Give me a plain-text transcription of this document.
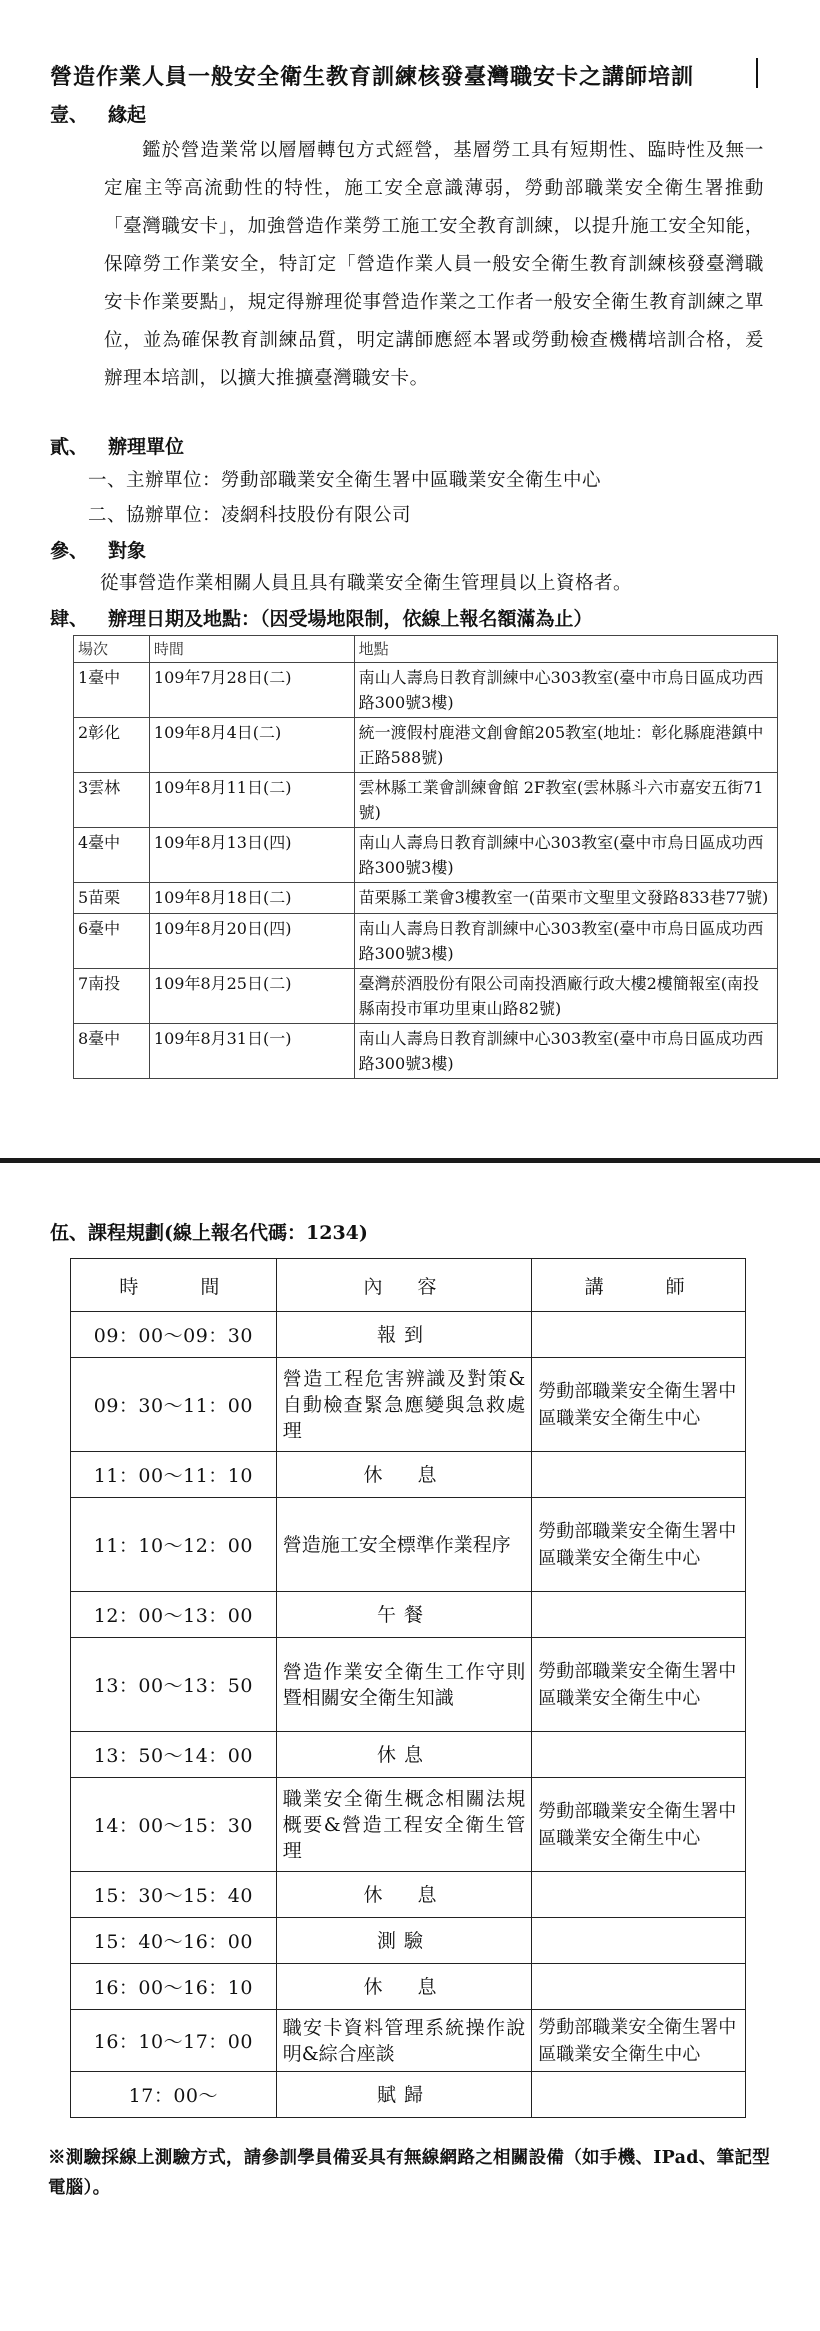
營造作業人員一般安全衛生教育訓練核發臺灣職安卡之講師培訓
壹、 緣起
鑑於營造業常以層層轉包方式經營，基層勞工具有短期性、臨時性及無一定雇主等高流動性的特性，施工安全意識薄弱，勞動部職業安全衛生署推動「臺灣職安卡」，加強營造作業勞工施工安全教育訓練，以提升施工安全知能，保障勞工作業安全，特訂定「營造作業人員一般安全衛生教育訓練核發臺灣職安卡作業要點」，規定得辦理從事營造作業之工作者一般安全衛生教育訓練之單位，並為確保教育訓練品質，明定講師應經本署或勞動檢查機構培訓合格，爰辦理本培訓，以擴大推擴臺灣職安卡。
貳、 辦理單位
一、主辦單位：勞動部職業安全衛生署中區職業安全衛生中心
二、協辦單位：凌網科技股份有限公司
參、 對象
從事營造作業相關人員且具有職業安全衛生管理員以上資格者。
肆、 辦理日期及地點：（因受場地限制，依線上報名額滿為止）
場次	時間	地點
1臺中	109年7月28日(二)	南山人壽烏日教育訓練中心303教室(臺中市烏日區成功西路300號3樓)
2彰化	109年8月4日(二)	統一渡假村鹿港文創會館205教室(地址：彰化縣鹿港鎮中正路588號)
3雲林	109年8月11日(二)	雲林縣工業會訓練會館 2F教室(雲林縣斗六市嘉安五街71號)
4臺中	109年8月13日(四)	南山人壽烏日教育訓練中心303教室(臺中市烏日區成功西路300號3樓)
5苗栗	109年8月18日(二)	苗栗縣工業會3樓教室一(苗栗市文聖里文發路833巷77號)
6臺中	109年8月20日(四)	南山人壽烏日教育訓練中心303教室(臺中市烏日區成功西路300號3樓)
7南投	109年8月25日(二)	臺灣菸酒股份有限公司南投酒廠行政大樓2樓簡報室(南投縣南投市軍功里東山路82號)
8臺中	109年8月31日(一)	南山人壽烏日教育訓練中心303教室(臺中市烏日區成功西路300號3樓)
伍、課程規劃(線上報名代碼：1234)
時　　間	內　容	講　　師
09：00～09：30	報到	
09：30～11：00	營造工程危害辨識及對策&自動檢查緊急應變與急救處理	勞動部職業安全衛生署中區職業安全衛生中心
11：00～11：10	休　息	
11：10～12：00	營造施工安全標準作業程序	勞動部職業安全衛生署中區職業安全衛生中心
12：00～13：00	午餐	
13：00～13：50	營造作業安全衛生工作守則暨相關安全衛生知識	勞動部職業安全衛生署中區職業安全衛生中心
13：50～14：00	休息	
14：00～15：30	職業安全衛生概念相關法規概要&營造工程安全衛生管理	勞動部職業安全衛生署中區職業安全衛生中心
15：30～15：40	休　息	
15：40～16：00	測驗	
16：00～16：10	休　息	
16：10～17：00	職安卡資料管理系統操作說明&綜合座談	勞動部職業安全衛生署中區職業安全衛生中心
17：00～	賦歸	
※測驗採線上測驗方式，請參訓學員備妥具有無線網路之相關設備（如手機、IPad、筆記型電腦）。
